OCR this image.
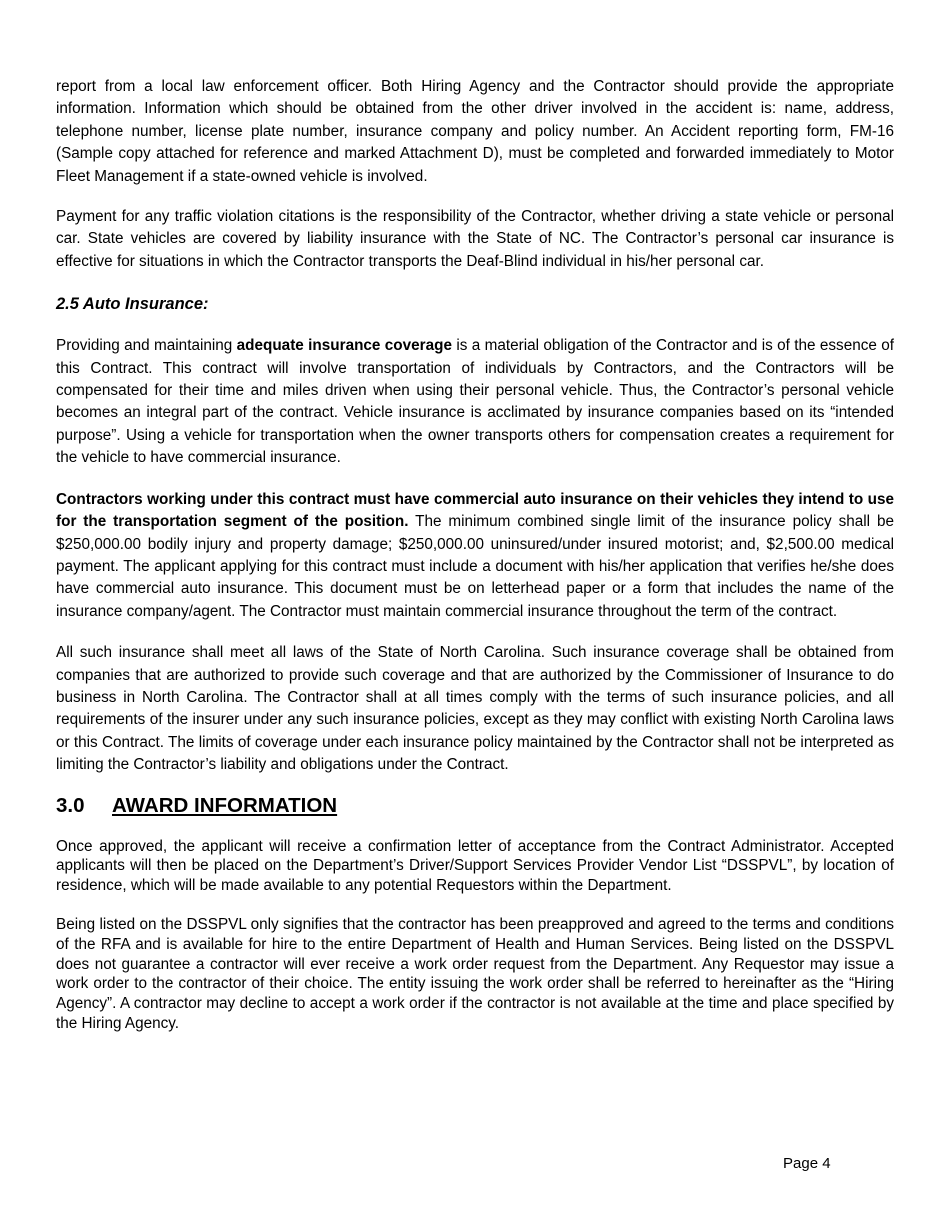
report from a local law enforcement officer. Both Hiring Agency and the Contractor should provide the appropriate information. Information which should be obtained from the other driver involved in the accident is: name, address, telephone number, license plate number, insurance company and policy number. An Accident reporting form, FM-16 (Sample copy attached for reference and marked Attachment D), must be completed and forwarded immediately to Motor Fleet Management if a state-owned vehicle is involved.

Payment for any traffic violation citations is the responsibility of the Contractor, whether driving a state vehicle or personal car. State vehicles are covered by liability insurance with the State of NC. The Contractor’s personal car insurance is effective for situations in which the Contractor transports the Deaf-Blind individual in his/her personal car.

2.5 Auto Insurance:

Providing and maintaining adequate insurance coverage is a material obligation of the Contractor and is of the essence of this Contract. This contract will involve transportation of individuals by Contractors, and the Contractors will be compensated for their time and miles driven when using their personal vehicle. Thus, the Contractor’s personal vehicle becomes an integral part of the contract. Vehicle insurance is acclimated by insurance companies based on its “intended purpose”. Using a vehicle for transportation when the owner transports others for compensation creates a requirement for the vehicle to have commercial insurance.

Contractors working under this contract must have commercial auto insurance on their vehicles they intend to use for the transportation segment of the position. The minimum combined single limit of the insurance policy shall be $250,000.00 bodily injury and property damage; $250,000.00 uninsured/under insured motorist; and, $2,500.00 medical payment. The applicant applying for this contract must include a document with his/her application that verifies he/she does have commercial auto insurance. This document must be on letterhead paper or a form that includes the name of the insurance company/agent. The Contractor must maintain commercial insurance throughout the term of the contract.

All such insurance shall meet all laws of the State of North Carolina. Such insurance coverage shall be obtained from companies that are authorized to provide such coverage and that are authorized by the Commissioner of Insurance to do business in North Carolina. The Contractor shall at all times comply with the terms of such insurance policies, and all requirements of the insurer under any such insurance policies, except as they may conflict with existing North Carolina laws or this Contract. The limits of coverage under each insurance policy maintained by the Contractor shall not be interpreted as limiting the Contractor’s liability and obligations under the Contract.

3.0 AWARD INFORMATION

Once approved, the applicant will receive a confirmation letter of acceptance from the Contract Administrator. Accepted applicants will then be placed on the Department’s Driver/Support Services Provider Vendor List “DSSPVL”, by location of residence, which will be made available to any potential Requestors within the Department.

Being listed on the DSSPVL only signifies that the contractor has been preapproved and agreed to the terms and conditions of the RFA and is available for hire to the entire Department of Health and Human Services. Being listed on the DSSPVL does not guarantee a contractor will ever receive a work order request from the Department. Any Requestor may issue a work order to the contractor of their choice. The entity issuing the work order shall be referred to hereinafter as the “Hiring Agency”. A contractor may decline to accept a work order if the contractor is not available at the time and place specified by the Hiring Agency.

Page 4
